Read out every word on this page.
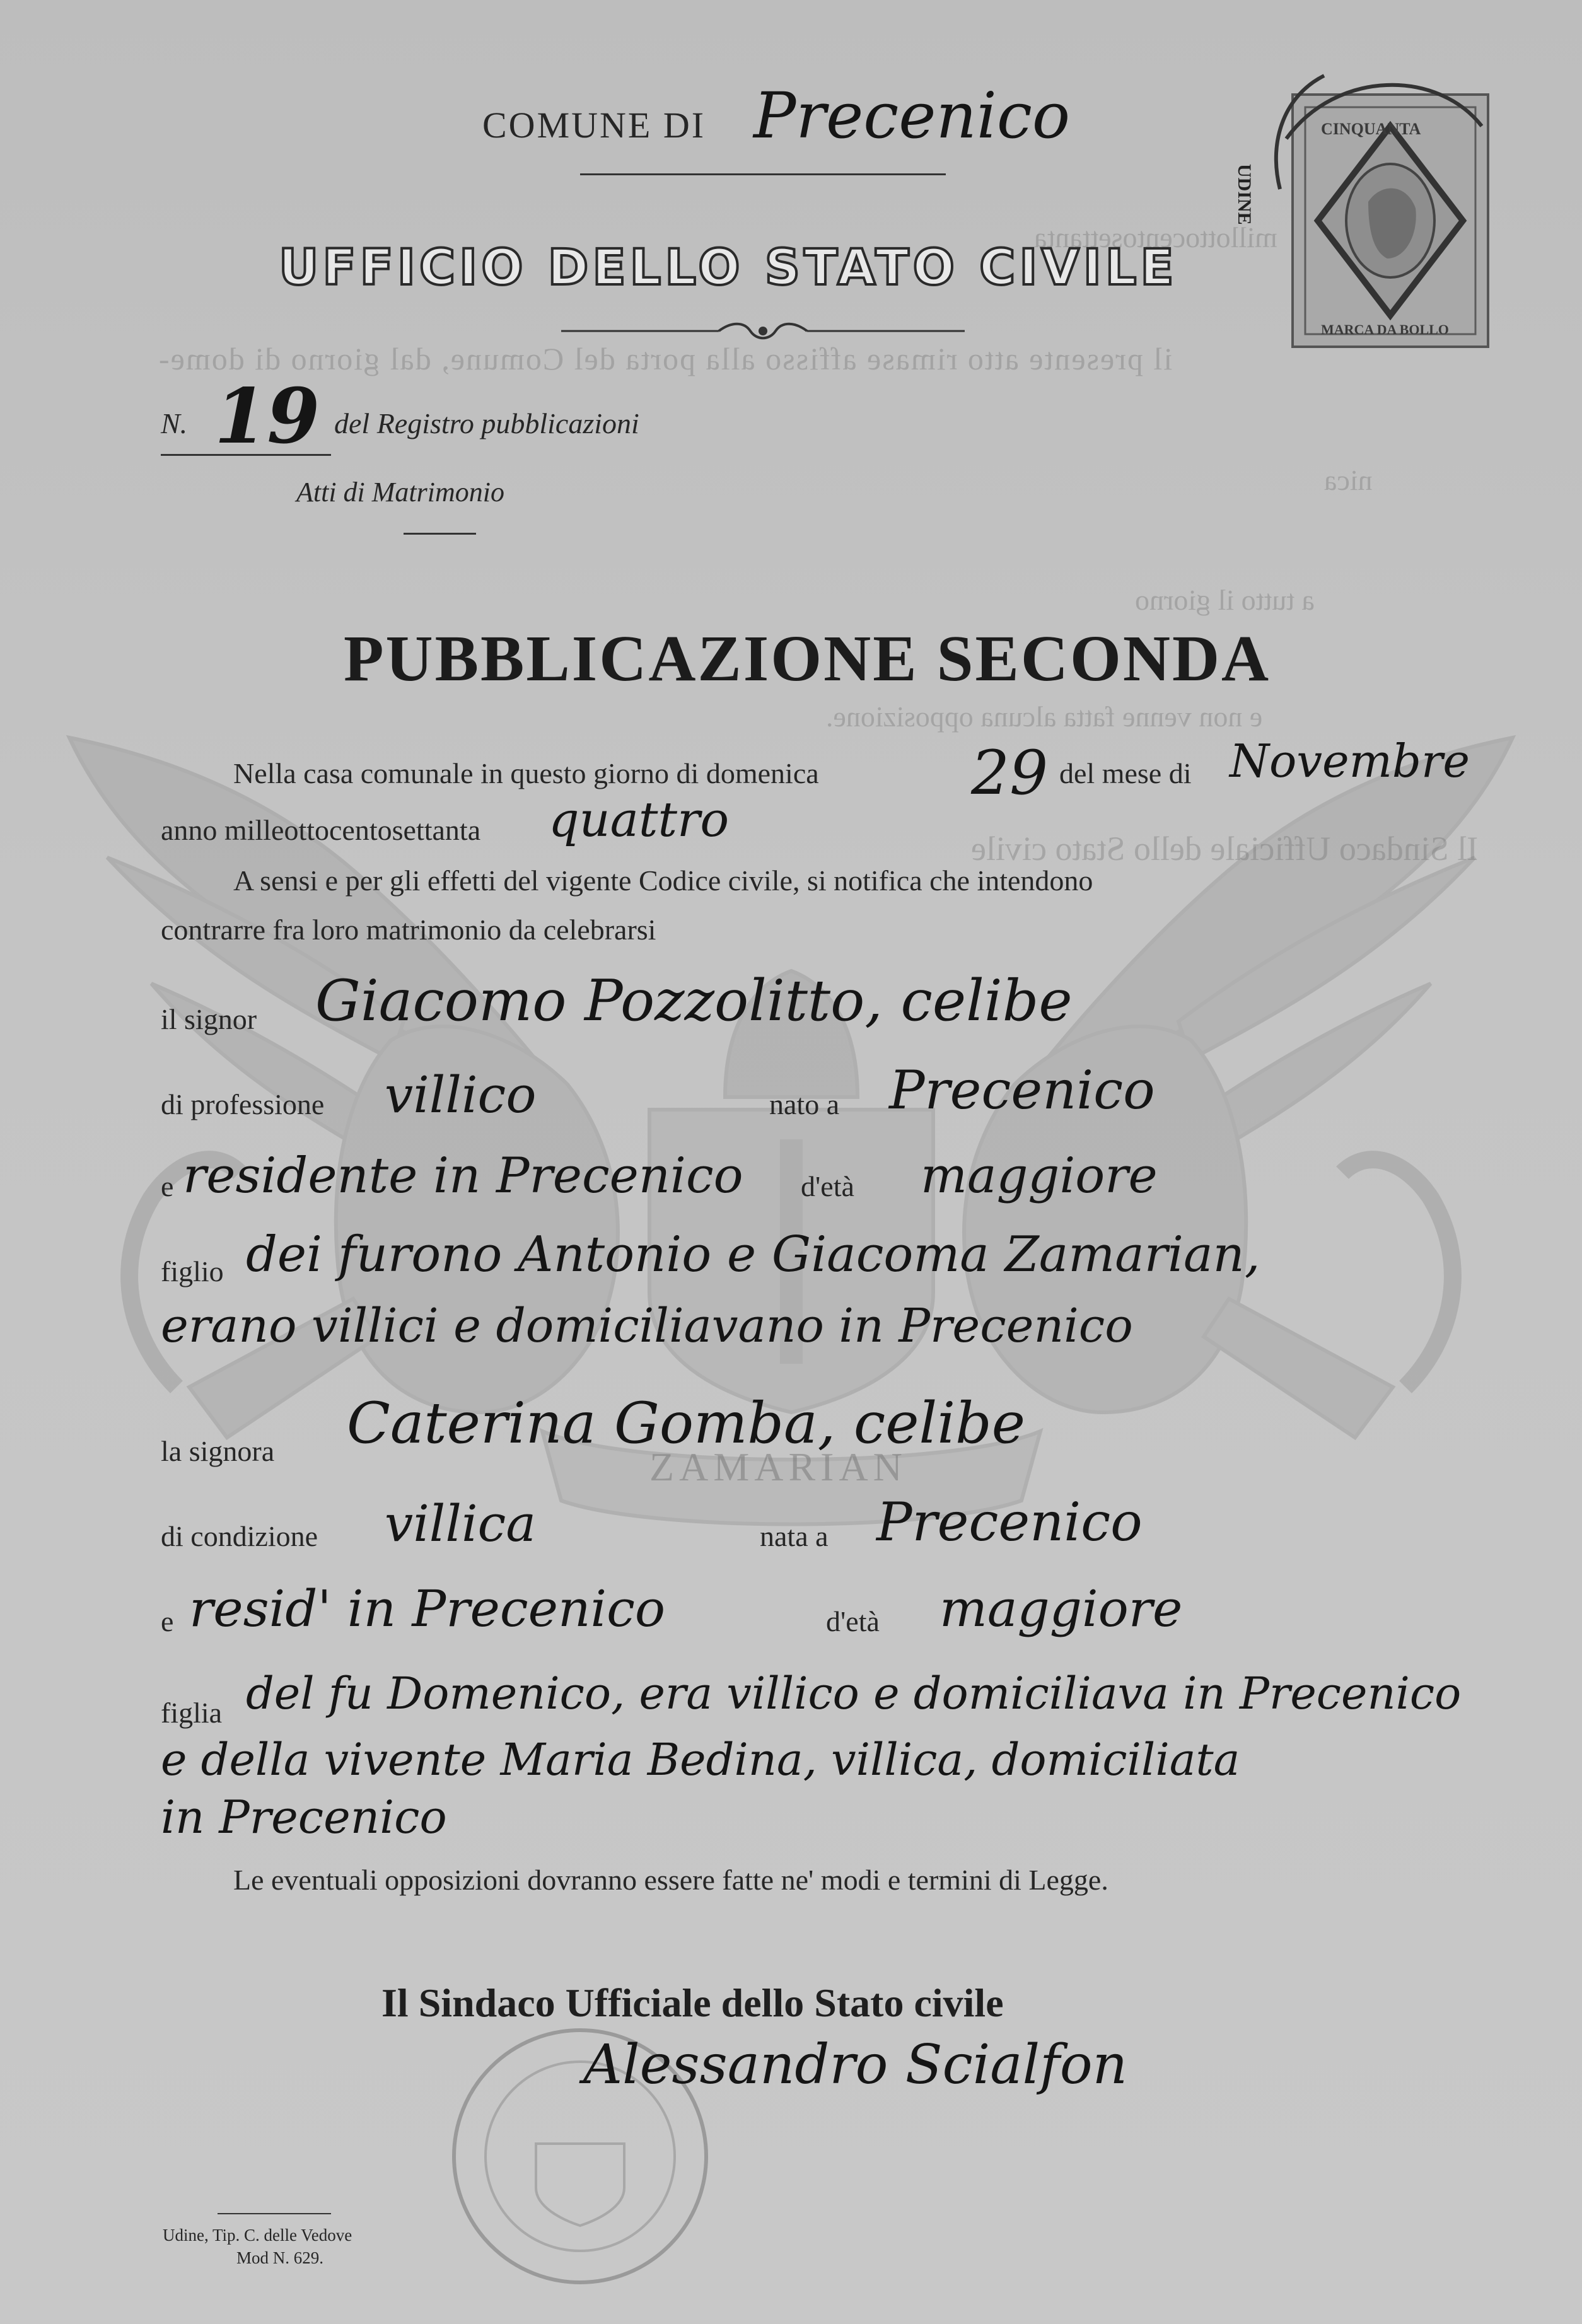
ZAMARIAN
millottocentosettanta
il presente atto rimase affisso alla porta del Comune, dal giorno di dome-
nica
a tutto il giorno
e non venne fatta alcuna opposizione.
Il Sindaco Ufficiale dello Stato civile
CINQUANTA
MARCA DA BOLLO
UDINE
COMUNE DI Precenico
UFFICIO DELLO STATO CIVILE
N. 19 del Registro pubblicazioni
Atti di Matrimonio
PUBBLICAZIONE SECONDA
Nella casa comunale in questo giorno di domenica	29 del mese di Novembre
anno milleottocentosettanta quattro
A sensi e per gli effetti del vigente Codice civile, si notifica che intendono
contrarre fra loro matrimonio da celebrarsi
il signor Giacomo Pozzolitto, celibe
di professione villico	nato a Precenico
e residente in Precenico d'età maggiore
figlio dei furono Antonio e Giacoma Zamarian,
erano villici e domiciliavano in Precenico
la signora Caterina Gomba, celibe
di condizione villica	nata a Precenico
e resid' in Precenico	d'età maggiore
figlia del fu Domenico, era villico e domiciliava in Precenico
e della vivente Maria Bedina, villica, domiciliata
in Precenico
Le eventuali opposizioni dovranno essere fatte ne' modi e termini di Legge.
Il Sindaco Ufficiale dello Stato civile
Alessandro Scialfon
Udine, Tip. C. delle Vedove
Mod N. 629.
